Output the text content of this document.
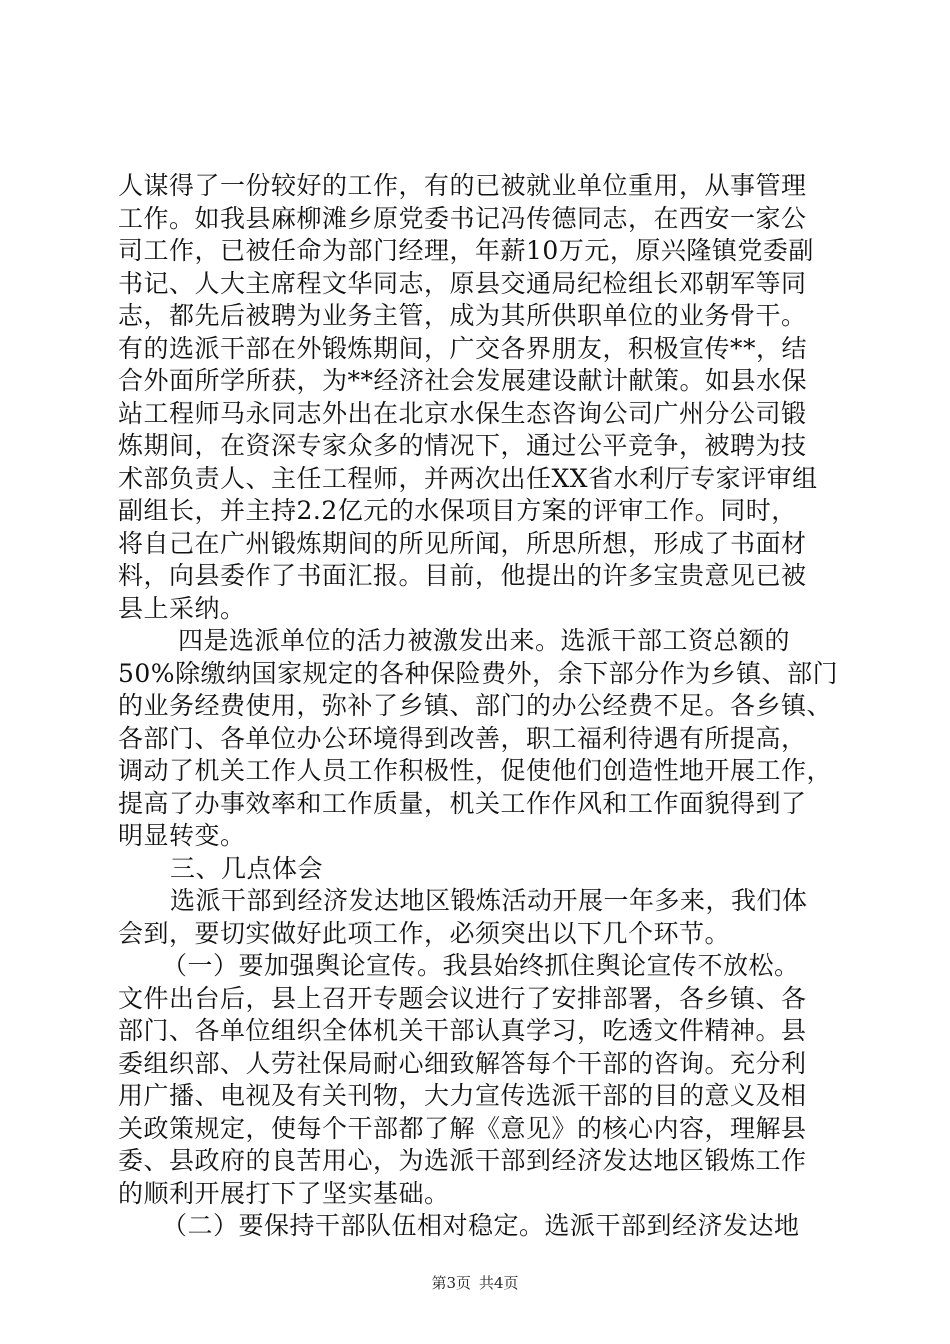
人谋得了一份较好的工作，有的已被就业单位重用，从事管理
工作。如我县麻柳滩乡原党委书记冯传德同志，在西安一家公
司工作，已被任命为部门经理，年薪10万元，原兴隆镇党委副
书记、人大主席程文华同志，原县交通局纪检组长邓朝军等同
志，都先后被聘为业务主管，成为其所供职单位的业务骨干。
有的选派干部在外锻炼期间，广交各界朋友，积极宣传**，结
合外面所学所获，为**经济社会发展建设献计献策。如县水保
站工程师马永同志外出在北京水保生态咨询公司广州分公司锻
炼期间，在资深专家众多的情况下，通过公平竞争，被聘为技
术部负责人、主任工程师，并两次出任XX省水利厅专家评审组
副组长，并主持2.2亿元的水保项目方案的评审工作。同时，
将自己在广州锻炼期间的所见所闻，所思所想，形成了书面材
料，向县委作了书面汇报。目前，他提出的许多宝贵意见已被
县上采纳。
四是选派单位的活力被激发出来。选派干部工资总额的
50%除缴纳国家规定的各种保险费外，余下部分作为乡镇、部门
的业务经费使用，弥补了乡镇、部门的办公经费不足。各乡镇、
各部门、各单位办公环境得到改善，职工福利待遇有所提高，
调动了机关工作人员工作积极性，促使他们创造性地开展工作，
提高了办事效率和工作质量，机关工作作风和工作面貌得到了
明显转变。
三、几点体会
选派干部到经济发达地区锻炼活动开展一年多来，我们体
会到，要切实做好此项工作，必须突出以下几个环节。
（一）要加强舆论宣传。我县始终抓住舆论宣传不放松。
文件出台后，县上召开专题会议进行了安排部署，各乡镇、各
部门、各单位组织全体机关干部认真学习，吃透文件精神。县
委组织部、人劳社保局耐心细致解答每个干部的咨询。充分利
用广播、电视及有关刊物，大力宣传选派干部的目的意义及相
关政策规定，使每个干部都了解《意见》的核心内容，理解县
委、县政府的良苦用心，为选派干部到经济发达地区锻炼工作
的顺利开展打下了坚实基础。
（二）要保持干部队伍相对稳定。选派干部到经济发达地
第3页 共4页
